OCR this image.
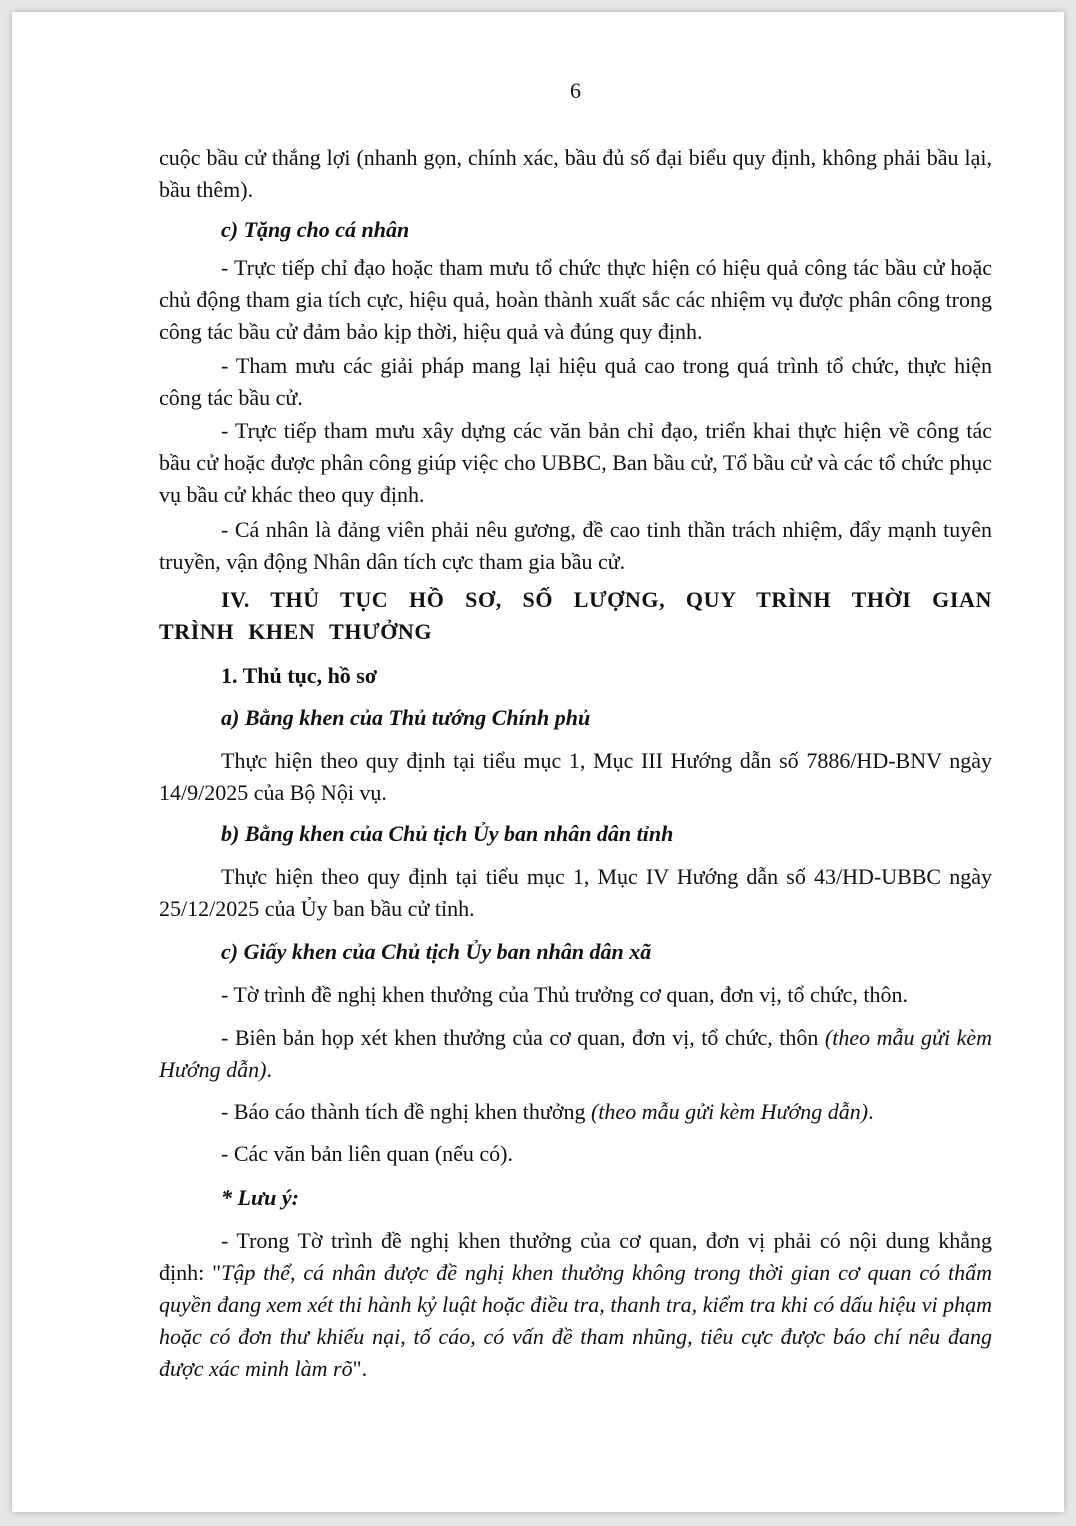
6

cuộc bầu cử thắng lợi (nhanh gọn, chính xác, bầu đủ số đại biểu quy định, không phải bầu lại, bầu thêm).

c) Tặng cho cá nhân

- Trực tiếp chỉ đạo hoặc tham mưu tổ chức thực hiện có hiệu quả công tác bầu cử hoặc chủ động tham gia tích cực, hiệu quả, hoàn thành xuất sắc các nhiệm vụ được phân công trong công tác bầu cử đảm bảo kịp thời, hiệu quả và đúng quy định.

- Tham mưu các giải pháp mang lại hiệu quả cao trong quá trình tổ chức, thực hiện công tác bầu cử.

- Trực tiếp tham mưu xây dựng các văn bản chỉ đạo, triển khai thực hiện về công tác bầu cử hoặc được phân công giúp việc cho UBBC, Ban bầu cử, Tổ bầu cử và các tổ chức phục vụ bầu cử khác theo quy định.

- Cá nhân là đảng viên phải nêu gương, đề cao tinh thần trách nhiệm, đẩy mạnh tuyên truyền, vận động Nhân dân tích cực tham gia bầu cử.

IV. THỦ TỤC HỒ SƠ, SỐ LƯỢNG, QUY TRÌNH THỜI GIAN TRÌNH KHEN THƯỞNG

1. Thủ tục, hồ sơ

a) Bằng khen của Thủ tướng Chính phủ

Thực hiện theo quy định tại tiểu mục 1, Mục III Hướng dẫn số 7886/HD-BNV ngày 14/9/2025 của Bộ Nội vụ.

b) Bằng khen của Chủ tịch Ủy ban nhân dân tỉnh

Thực hiện theo quy định tại tiểu mục 1, Mục IV Hướng dẫn số 43/HD-UBBC ngày 25/12/2025 của Ủy ban bầu cử tỉnh.

c) Giấy khen của Chủ tịch Ủy ban nhân dân xã

- Tờ trình đề nghị khen thưởng của Thủ trưởng cơ quan, đơn vị, tổ chức, thôn.

- Biên bản họp xét khen thưởng của cơ quan, đơn vị, tổ chức, thôn (theo mẫu gửi kèm Hướng dẫn).

- Báo cáo thành tích đề nghị khen thưởng (theo mẫu gửi kèm Hướng dẫn).

- Các văn bản liên quan (nếu có).

* Lưu ý:

- Trong Tờ trình đề nghị khen thưởng của cơ quan, đơn vị phải có nội dung khẳng định: "Tập thể, cá nhân được đề nghị khen thưởng không trong thời gian cơ quan có thẩm quyền đang xem xét thi hành kỷ luật hoặc điều tra, thanh tra, kiểm tra khi có dấu hiệu vi phạm hoặc có đơn thư khiếu nại, tố cáo, có vấn đề tham nhũng, tiêu cực được báo chí nêu đang được xác minh làm rõ".
